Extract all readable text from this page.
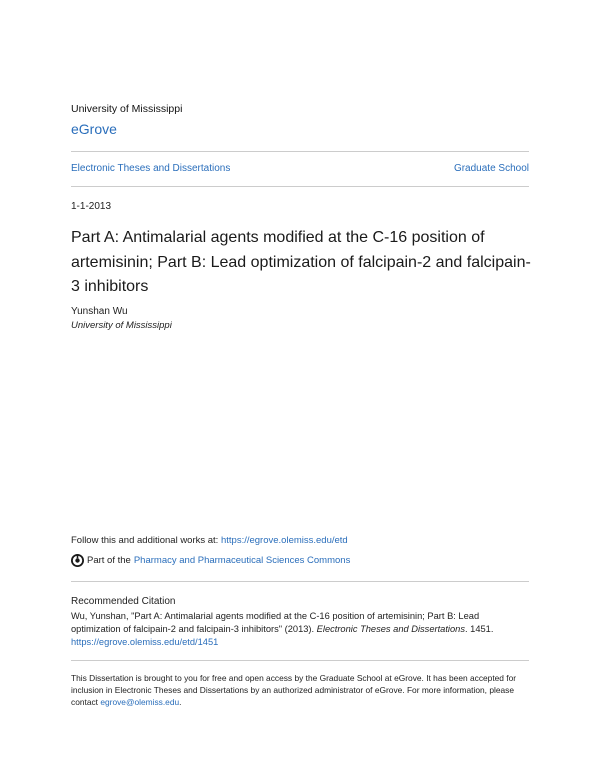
University of Mississippi
eGrove
Electronic Theses and Dissertations	Graduate School
1-1-2013
Part A: Antimalarial agents modified at the C-16 position of artemisinin; Part B: Lead optimization of falcipain-2 and falcipain-3 inhibitors
Yunshan Wu
University of Mississippi
Follow this and additional works at: https://egrove.olemiss.edu/etd
Part of the Pharmacy and Pharmaceutical Sciences Commons
Recommended Citation
Wu, Yunshan, "Part A: Antimalarial agents modified at the C-16 position of artemisinin; Part B: Lead optimization of falcipain-2 and falcipain-3 inhibitors" (2013). Electronic Theses and Dissertations. 1451.
https://egrove.olemiss.edu/etd/1451
This Dissertation is brought to you for free and open access by the Graduate School at eGrove. It has been accepted for inclusion in Electronic Theses and Dissertations by an authorized administrator of eGrove. For more information, please contact egrove@olemiss.edu.
